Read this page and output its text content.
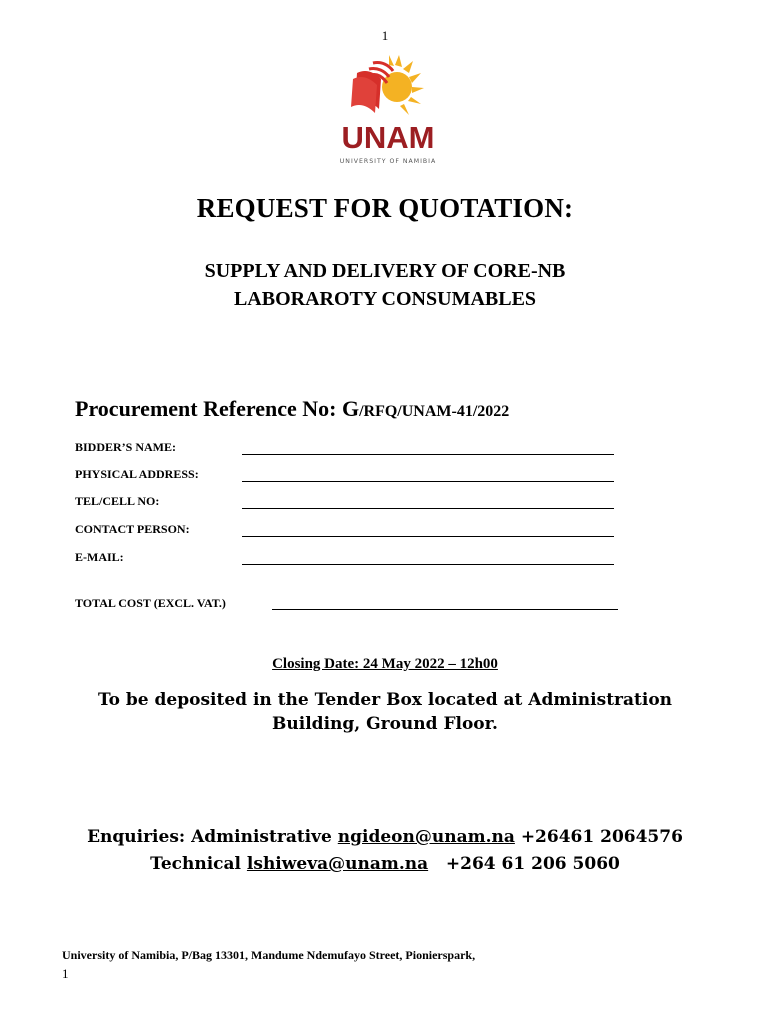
1
UNAM
UNIVERSITY OF NAMIBIA
REQUEST FOR QUOTATION:
SUPPLY AND DELIVERY OF CORE-NB
LABORAROTY CONSUMABLES
Procurement Reference No: G/RFQ/UNAM-41/2022
BIDDER’S NAME:
PHYSICAL ADDRESS:
TEL/CELL NO:
CONTACT PERSON:
E-MAIL:
TOTAL COST (EXCL. VAT.)
Closing Date: 24 May 2022 – 12h00
To be deposited in the Tender Box located at Administration
Building, Ground Floor.
Enquiries: Administrative ngideon@unam.na +26461 2064576
Technical lshiweva@unam.na +264 61 206 5060
University of Namibia, P/Bag 13301, Mandume Ndemufayo Street, Pionierspark,
1
